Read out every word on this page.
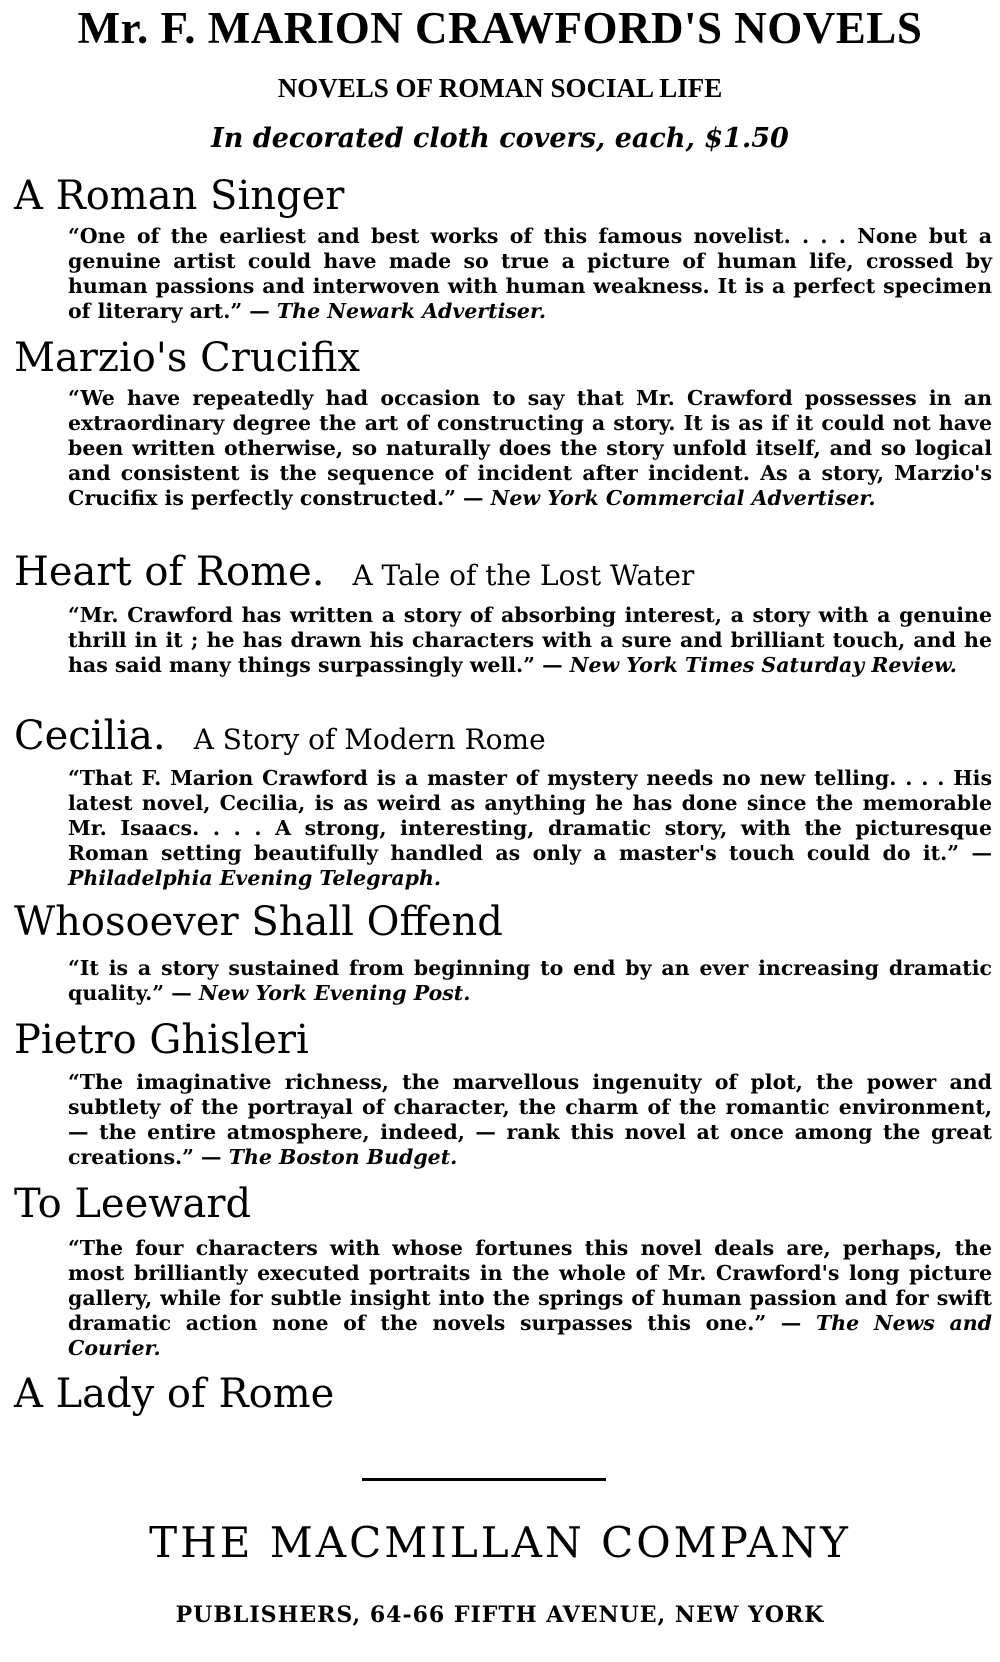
Mr. F. MARION CRAWFORD'S NOVELS
NOVELS OF ROMAN SOCIAL LIFE
In decorated cloth covers, each, $1.50
A Roman Singer
“One of the earliest and best works of this famous novelist. . . . None but a genuine artist could have made so true a picture of human life, crossed by human passions and interwoven with human weakness. It is a perfect specimen of literary art.” — The Newark Advertiser.
Marzio's Crucifix
“We have repeatedly had occasion to say that Mr. Crawford possesses in an extraordinary degree the art of constructing a story. It is as if it could not have been written otherwise, so naturally does the story unfold itself, and so logical and consistent is the sequence of incident after incident. As a story, Marzio's Crucifix is perfectly constructed.” — New York Commercial Advertiser.
Heart of Rome. A Tale of the Lost Water
“Mr. Crawford has written a story of absorbing interest, a story with a genuine thrill in it ; he has drawn his characters with a sure and brilliant touch, and he has said many things surpassingly well.” — New York Times Saturday Review.
Cecilia. A Story of Modern Rome
“That F. Marion Crawford is a master of mystery needs no new telling. . . . His latest novel, Cecilia, is as weird as anything he has done since the memorable Mr. Isaacs. . . . A strong, interesting, dramatic story, with the picturesque Roman setting beautifully handled as only a master's touch could do it.” — Philadelphia Evening Telegraph.
Whosoever Shall Offend
“It is a story sustained from beginning to end by an ever increasing dramatic quality.” — New York Evening Post.
Pietro Ghisleri
“The imaginative richness, the marvellous ingenuity of plot, the power and subtlety of the portrayal of character, the charm of the romantic environment, — the entire atmosphere, indeed, — rank this novel at once among the great creations.” — The Boston Budget.
To Leeward
“The four characters with whose fortunes this novel deals are, perhaps, the most brilliantly executed portraits in the whole of Mr. Crawford's long picture gallery, while for subtle insight into the springs of human passion and for swift dramatic action none of the novels surpasses this one.” — The News and Courier.
A Lady of Rome
THE MACMILLAN COMPANY
PUBLISHERS, 64-66 FIFTH AVENUE, NEW YORK
